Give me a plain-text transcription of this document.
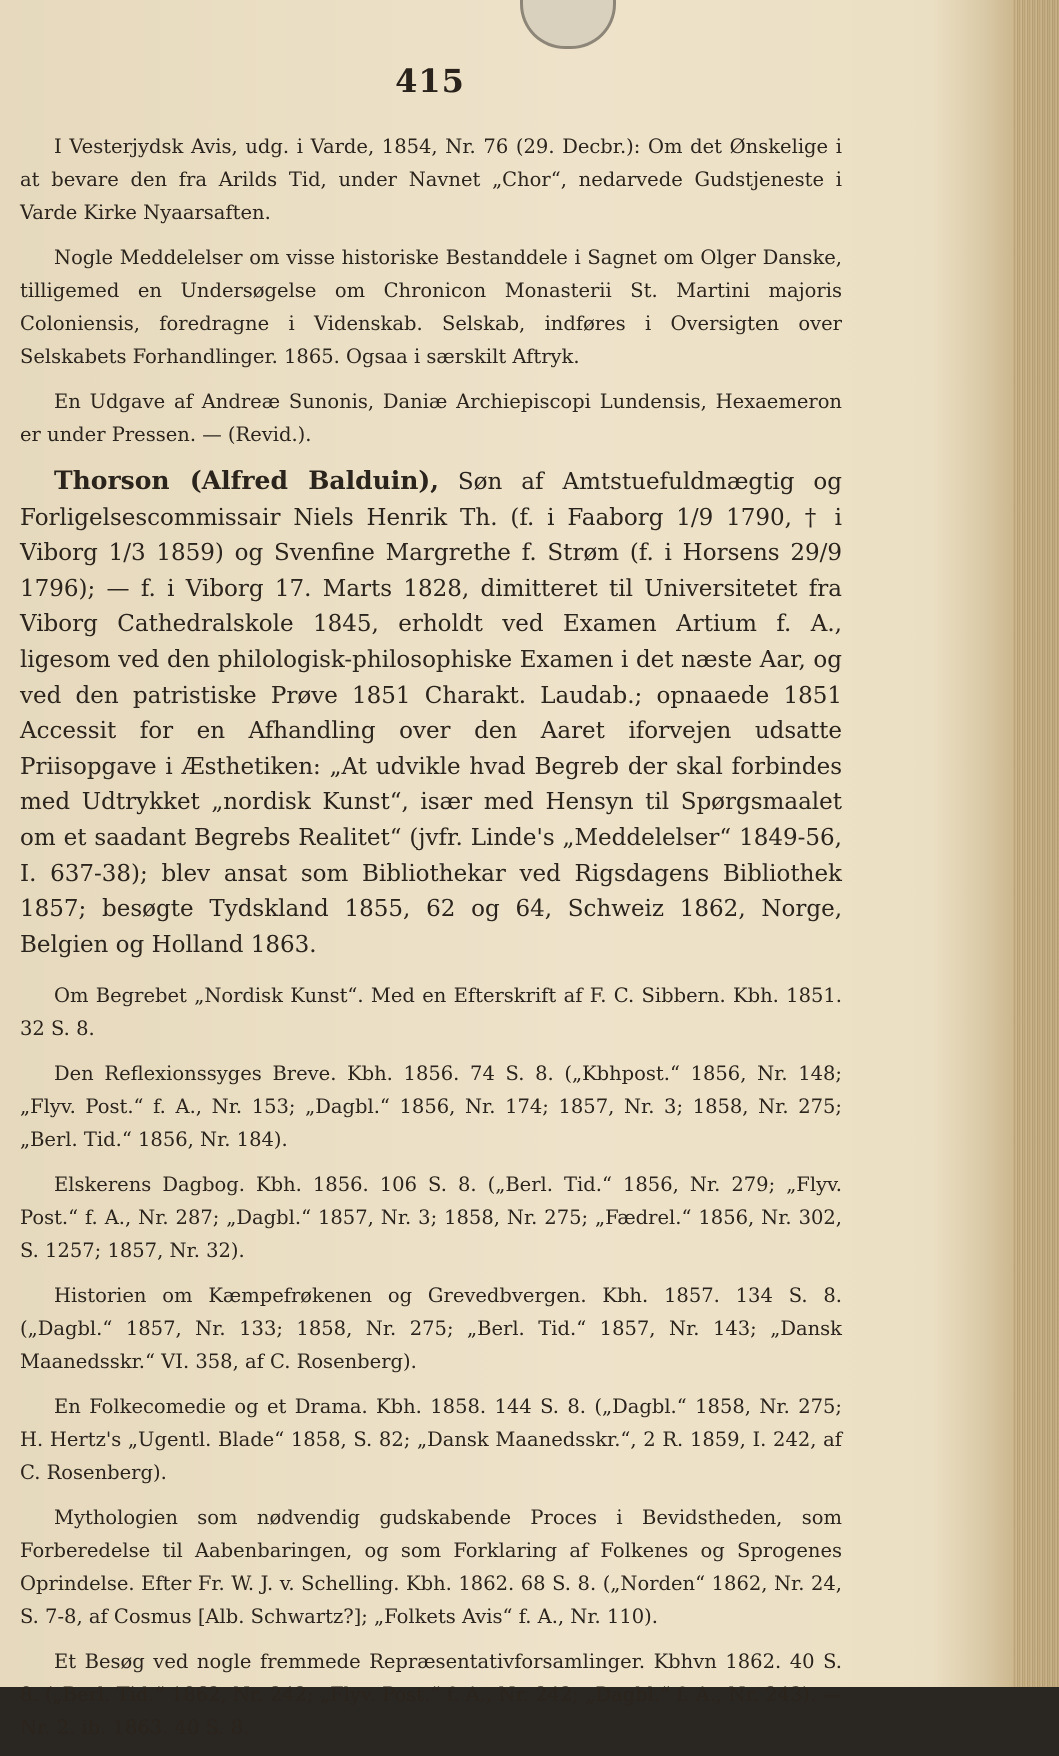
415

I Vesterjydsk Avis, udg. i Varde, 1854, Nr. 76 (29. Decbr.): Om det Ønskelige i at bevare den fra Arilds Tid, under Navnet „Chor“, nedarvede Gudstjeneste i Varde Kirke Nyaarsaften.

Nogle Meddelelser om visse historiske Bestanddele i Sagnet om Olger Danske, tilligemed en Undersøgelse om Chronicon Monasterii St. Martini majoris Coloniensis, foredragne i Videnskab. Selskab, indføres i Oversigten over Selskabets Forhandlinger. 1865. Ogsaa i særskilt Aftryk.

En Udgave af Andreæ Sunonis, Daniæ Archiepiscopi Lundensis, Hexaemeron er under Pressen. — (Revid.).

Thorson (Alfred Balduin), Søn af Amtstuefuldmægtig og Forligelsescommissair Niels Henrik Th. (f. i Faaborg 1/9 1790, † i Viborg 1/3 1859) og Svenfine Margrethe f. Strøm (f. i Horsens 29/9 1796); — f. i Viborg 17. Marts 1828, dimitteret til Universitetet fra Viborg Cathedralskole 1845, erholdt ved Examen Artium f. A., ligesom ved den philologisk-philosophiske Examen i det næste Aar, og ved den patristiske Prøve 1851 Charakt. Laudab.; opnaaede 1851 Accessit for en Afhandling over den Aaret iforvejen udsatte Priisopgave i Æsthetiken: „At udvikle hvad Begreb der skal forbindes med Udtrykket „nordisk Kunst“, især med Hensyn til Spørgsmaalet om et saadant Begrebs Realitet“ (jvfr. Linde's „Meddelelser“ 1849-56, I. 637-38); blev ansat som Bibliothekar ved Rigsdagens Bibliothek 1857; besøgte Tydskland 1855, 62 og 64, Schweiz 1862, Norge, Belgien og Holland 1863.

Om Begrebet „Nordisk Kunst“. Med en Efterskrift af F. C. Sibbern. Kbh. 1851. 32 S. 8.

Den Reflexionssyges Breve. Kbh. 1856. 74 S. 8. („Kbhpost.“ 1856, Nr. 148; „Flyv. Post.“ f. A., Nr. 153; „Dagbl.“ 1856, Nr. 174; 1857, Nr. 3; 1858, Nr. 275; „Berl. Tid.“ 1856, Nr. 184).

Elskerens Dagbog. Kbh. 1856. 106 S. 8. („Berl. Tid.“ 1856, Nr. 279; „Flyv. Post.“ f. A., Nr. 287; „Dagbl.“ 1857, Nr. 3; 1858, Nr. 275; „Fædrel.“ 1856, Nr. 302, S. 1257; 1857, Nr. 32).

Historien om Kæmpefrøkenen og Grevedbvergen. Kbh. 1857. 134 S. 8. („Dagbl.“ 1857, Nr. 133; 1858, Nr. 275; „Berl. Tid.“ 1857, Nr. 143; „Dansk Maanedsskr.“ VI. 358, af C. Rosenberg).

En Folkecomedie og et Drama. Kbh. 1858. 144 S. 8. („Dagbl.“ 1858, Nr. 275; H. Hertz's „Ugentl. Blade“ 1858, S. 82; „Dansk Maanedsskr.“, 2 R. 1859, I. 242, af C. Rosenberg).

Mythologien som nødvendig gudskabende Proces i Bevidstheden, som Forberedelse til Aabenbaringen, og som Forklaring af Folkenes og Sprogenes Oprindelse. Efter Fr. W. J. v. Schelling. Kbh. 1862. 68 S. 8. („Norden“ 1862, Nr. 24, S. 7-8, af Cosmus [Alb. Schwartz?]; „Folkets Avis“ f. A., Nr. 110).

Et Besøg ved nogle fremmede Repræsentativforsamlinger. Kbhvn 1862. 40 S. 8. („Berl. Tid.“ 1862, Nr. 242; „Flyv. Post.“ f. A., Nr. 242; „Dagbl.“ f. A., Nr. 243). — Nr. 2. ib. 1863. 40 S. 8.
